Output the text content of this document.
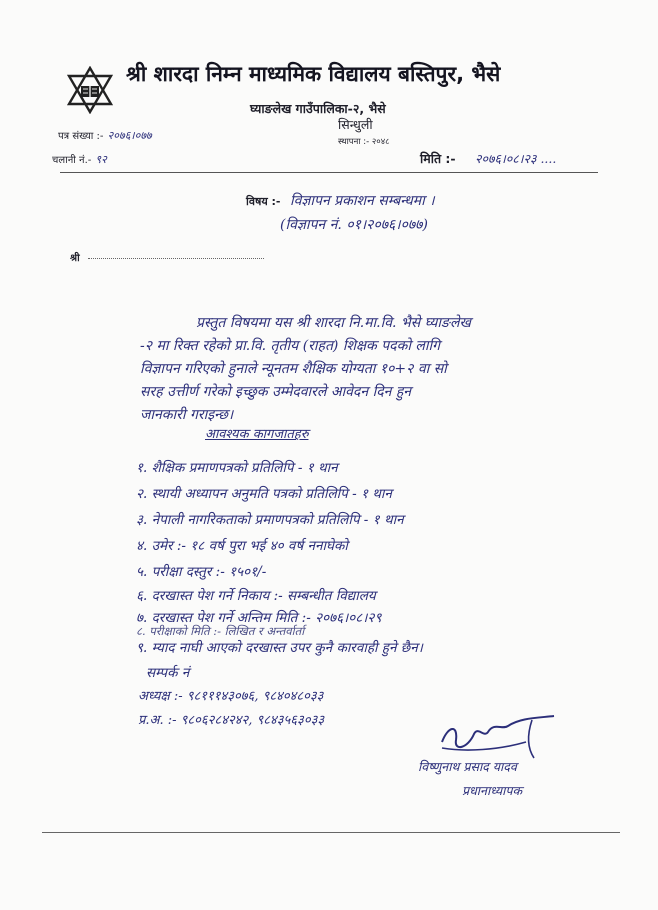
श्री शारदा निम्न माध्यमिक विद्यालय बस्तिपुर, भैसे
घ्याङलेख गाउँपालिका-२, भैसे
सिन्धुली
स्थापना :- २०४८
पत्र संख्या :- २०७६।०७७
चलानी नं.- ९२	मिति :- २०७६।०८।२३ ....
विषय :- विज्ञापन प्रकाशन सम्बन्धमा ।
(विज्ञापन नं. ०१।२०७६।०७७)
श्री
प्रस्तुत विषयमा यस श्री शारदा नि.मा.वि. भैसे घ्याङलेख
-२ मा रिक्त रहेको प्रा.वि. तृतीय (राहत) शिक्षक पदको लागि
विज्ञापन गरिएको हुनाले न्यूनतम शैक्षिक योग्यता १०+२ वा सो
सरह उत्तीर्ण गरेको इच्छुक उम्मेदवारले आवेदन दिन हुन
जानकारी गराइन्छ।
आवश्यक कागजातहरु
१. शैक्षिक प्रमाणपत्रको प्रतिलिपि - १ थान
२. स्थायी अध्यापन अनुमति पत्रको प्रतिलिपि - १ थान
३. नेपाली नागरिकताको प्रमाणपत्रको प्रतिलिपि - १ थान
४. उमेर :- १८ वर्ष पुरा भई ४० वर्ष ननाघेको
५. परीक्षा दस्तुर :- १५०१/-
६. दरखास्त पेश गर्ने निकाय :- सम्बन्धीत विद्यालय
७. दरखास्त पेश गर्ने अन्तिम मिति :- २०७६।०८।२९
८. परीक्षाको मिति :- लिखित र अन्तर्वार्ता
९. म्याद नाघी आएको दरखास्त उपर कुनै कारवाही हुने छैन।
सम्पर्क नं
अध्यक्ष :- ९८१११४३०७६, ९८४०४८०३३
प्र.अ. :- ९८०६२८४२४२, ९८४३५६३०३३
विष्णुनाथ प्रसाद यादव
प्रधानाध्यापक
